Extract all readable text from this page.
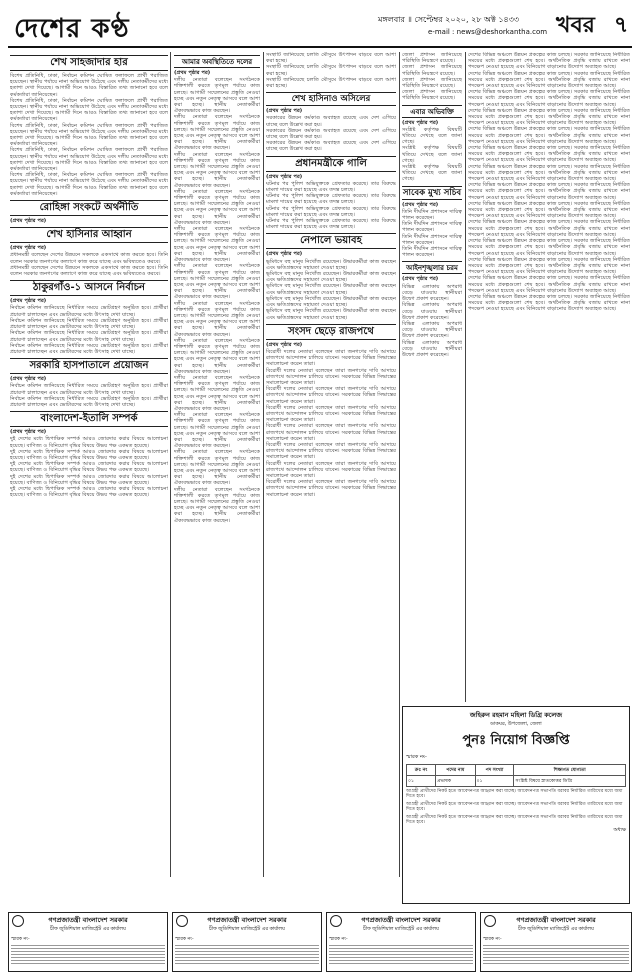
দেশের কণ্ঠ	মঙ্গলবার ॥ সেপ্টেম্বর ২০২০, ২৮ অক্ট ১৪৩৩
e-mail : news@deshorkantha.com খবর ৭
শেখ সাহজাদার হার
বিশেষ প্রতিনিধি, ঢাকা, নির্বাচন কমিশন ঘোষিত ফলাফলে প্রার্থী পরাজিত হয়েছেন। স্থানীয় পর্যায়ে নানা অভিযোগ উঠেছে এবং দলীয় নেতাকর্মীদের মধ্যে হতাশা দেখা দিয়েছে। আগামী দিনে আরও বিস্তারিত তথ্য জানানো হবে বলে কর্মকর্তারা জানিয়েছেন।
বিশেষ প্রতিনিধি, ঢাকা, নির্বাচন কমিশন ঘোষিত ফলাফলে প্রার্থী পরাজিত হয়েছেন। স্থানীয় পর্যায়ে নানা অভিযোগ উঠেছে এবং দলীয় নেতাকর্মীদের মধ্যে হতাশা দেখা দিয়েছে। আগামী দিনে আরও বিস্তারিত তথ্য জানানো হবে বলে কর্মকর্তারা জানিয়েছেন।
বিশেষ প্রতিনিধি, ঢাকা, নির্বাচন কমিশন ঘোষিত ফলাফলে প্রার্থী পরাজিত হয়েছেন। স্থানীয় পর্যায়ে নানা অভিযোগ উঠেছে এবং দলীয় নেতাকর্মীদের মধ্যে হতাশা দেখা দিয়েছে। আগামী দিনে আরও বিস্তারিত তথ্য জানানো হবে বলে কর্মকর্তারা জানিয়েছেন।
বিশেষ প্রতিনিধি, ঢাকা, নির্বাচন কমিশন ঘোষিত ফলাফলে প্রার্থী পরাজিত হয়েছেন। স্থানীয় পর্যায়ে নানা অভিযোগ উঠেছে এবং দলীয় নেতাকর্মীদের মধ্যে হতাশা দেখা দিয়েছে। আগামী দিনে আরও বিস্তারিত তথ্য জানানো হবে বলে কর্মকর্তারা জানিয়েছেন।
বিশেষ প্রতিনিধি, ঢাকা, নির্বাচন কমিশন ঘোষিত ফলাফলে প্রার্থী পরাজিত হয়েছেন। স্থানীয় পর্যায়ে নানা অভিযোগ উঠেছে এবং দলীয় নেতাকর্মীদের মধ্যে হতাশা দেখা দিয়েছে। আগামী দিনে আরও বিস্তারিত তথ্য জানানো হবে বলে কর্মকর্তারা জানিয়েছেন।
রোহিঙ্গা সংকটে অর্থনীতি
(প্রথম পৃষ্ঠার পর)
শেখ হাসিনার আহ্বান
(প্রথম পৃষ্ঠার পর)
প্রধানমন্ত্রী বলেছেন দেশের উন্নয়নে সকলকে একসাথে কাজ করতে হবে। তিনি বলেন সরকার জনগণের কল্যাণে কাজ করে যাচ্ছে এবং ভবিষ্যতেও করবে।
প্রধানমন্ত্রী বলেছেন দেশের উন্নয়নে সকলকে একসাথে কাজ করতে হবে। তিনি বলেন সরকার জনগণের কল্যাণে কাজ করে যাচ্ছে এবং ভবিষ্যতেও করবে।
ঠাকুরগাঁও-১ আসনে নির্বাচন
(প্রথম পৃষ্ঠার পর)
নির্বাচন কমিশন জানিয়েছে নির্ধারিত সময়ে ভোটগ্রহণ অনুষ্ঠিত হবে। প্রার্থীরা প্রচারণা চালাচ্ছেন এবং ভোটারদের মধ্যে উৎসাহ দেখা যাচ্ছে।
নির্বাচন কমিশন জানিয়েছে নির্ধারিত সময়ে ভোটগ্রহণ অনুষ্ঠিত হবে। প্রার্থীরা প্রচারণা চালাচ্ছেন এবং ভোটারদের মধ্যে উৎসাহ দেখা যাচ্ছে।
নির্বাচন কমিশন জানিয়েছে নির্ধারিত সময়ে ভোটগ্রহণ অনুষ্ঠিত হবে। প্রার্থীরা প্রচারণা চালাচ্ছেন এবং ভোটারদের মধ্যে উৎসাহ দেখা যাচ্ছে।
নির্বাচন কমিশন জানিয়েছে নির্ধারিত সময়ে ভোটগ্রহণ অনুষ্ঠিত হবে। প্রার্থীরা প্রচারণা চালাচ্ছেন এবং ভোটারদের মধ্যে উৎসাহ দেখা যাচ্ছে।
সরকারি হাসপাতালে প্রয়োজন
(প্রথম পৃষ্ঠার পর)
নির্বাচন কমিশন জানিয়েছে নির্ধারিত সময়ে ভোটগ্রহণ অনুষ্ঠিত হবে। প্রার্থীরা প্রচারণা চালাচ্ছেন এবং ভোটারদের মধ্যে উৎসাহ দেখা যাচ্ছে।
নির্বাচন কমিশন জানিয়েছে নির্ধারিত সময়ে ভোটগ্রহণ অনুষ্ঠিত হবে। প্রার্থীরা প্রচারণা চালাচ্ছেন এবং ভোটারদের মধ্যে উৎসাহ দেখা যাচ্ছে।
বাংলাদেশ-ইতালি সম্পর্ক
(প্রথম পৃষ্ঠার পর)
দুই দেশের মধ্যে দ্বিপাক্ষিক সম্পর্ক আরও জোরদার করার বিষয়ে আলোচনা হয়েছে। বাণিজ্য ও বিনিয়োগ বৃদ্ধির বিষয়ে উভয় পক্ষ একমত হয়েছে।
দুই দেশের মধ্যে দ্বিপাক্ষিক সম্পর্ক আরও জোরদার করার বিষয়ে আলোচনা হয়েছে। বাণিজ্য ও বিনিয়োগ বৃদ্ধির বিষয়ে উভয় পক্ষ একমত হয়েছে।
দুই দেশের মধ্যে দ্বিপাক্ষিক সম্পর্ক আরও জোরদার করার বিষয়ে আলোচনা হয়েছে। বাণিজ্য ও বিনিয়োগ বৃদ্ধির বিষয়ে উভয় পক্ষ একমত হয়েছে।
দুই দেশের মধ্যে দ্বিপাক্ষিক সম্পর্ক আরও জোরদার করার বিষয়ে আলোচনা হয়েছে। বাণিজ্য ও বিনিয়োগ বৃদ্ধির বিষয়ে উভয় পক্ষ একমত হয়েছে।
দুই দেশের মধ্যে দ্বিপাক্ষিক সম্পর্ক আরও জোরদার করার বিষয়ে আলোচনা হয়েছে। বাণিজ্য ও বিনিয়োগ বৃদ্ধির বিষয়ে উভয় পক্ষ একমত হয়েছে।
আমার অবস্থিতিতে দলের
(প্রথম পৃষ্ঠার পর)
দলীয় নেতারা বলেছেন সংগঠনকে শক্তিশালী করতে তৃণমূল পর্যায়ে কাজ চলছে। আগামী সম্মেলনের প্রস্তুতি নেওয়া হচ্ছে এবং নতুন নেতৃত্ব আসবে বলে আশা করা হচ্ছে। স্থানীয় নেতাকর্মীরা ঐক্যবদ্ধভাবে কাজ করছেন।
দলীয় নেতারা বলেছেন সংগঠনকে শক্তিশালী করতে তৃণমূল পর্যায়ে কাজ চলছে। আগামী সম্মেলনের প্রস্তুতি নেওয়া হচ্ছে এবং নতুন নেতৃত্ব আসবে বলে আশা করা হচ্ছে। স্থানীয় নেতাকর্মীরা ঐক্যবদ্ধভাবে কাজ করছেন।
দলীয় নেতারা বলেছেন সংগঠনকে শক্তিশালী করতে তৃণমূল পর্যায়ে কাজ চলছে। আগামী সম্মেলনের প্রস্তুতি নেওয়া হচ্ছে এবং নতুন নেতৃত্ব আসবে বলে আশা করা হচ্ছে। স্থানীয় নেতাকর্মীরা ঐক্যবদ্ধভাবে কাজ করছেন।
দলীয় নেতারা বলেছেন সংগঠনকে শক্তিশালী করতে তৃণমূল পর্যায়ে কাজ চলছে। আগামী সম্মেলনের প্রস্তুতি নেওয়া হচ্ছে এবং নতুন নেতৃত্ব আসবে বলে আশা করা হচ্ছে। স্থানীয় নেতাকর্মীরা ঐক্যবদ্ধভাবে কাজ করছেন।
দলীয় নেতারা বলেছেন সংগঠনকে শক্তিশালী করতে তৃণমূল পর্যায়ে কাজ চলছে। আগামী সম্মেলনের প্রস্তুতি নেওয়া হচ্ছে এবং নতুন নেতৃত্ব আসবে বলে আশা করা হচ্ছে। স্থানীয় নেতাকর্মীরা ঐক্যবদ্ধভাবে কাজ করছেন।
দলীয় নেতারা বলেছেন সংগঠনকে শক্তিশালী করতে তৃণমূল পর্যায়ে কাজ চলছে। আগামী সম্মেলনের প্রস্তুতি নেওয়া হচ্ছে এবং নতুন নেতৃত্ব আসবে বলে আশা করা হচ্ছে। স্থানীয় নেতাকর্মীরা ঐক্যবদ্ধভাবে কাজ করছেন।
দলীয় নেতারা বলেছেন সংগঠনকে শক্তিশালী করতে তৃণমূল পর্যায়ে কাজ চলছে। আগামী সম্মেলনের প্রস্তুতি নেওয়া হচ্ছে এবং নতুন নেতৃত্ব আসবে বলে আশা করা হচ্ছে। স্থানীয় নেতাকর্মীরা ঐক্যবদ্ধভাবে কাজ করছেন।
দলীয় নেতারা বলেছেন সংগঠনকে শক্তিশালী করতে তৃণমূল পর্যায়ে কাজ চলছে। আগামী সম্মেলনের প্রস্তুতি নেওয়া হচ্ছে এবং নতুন নেতৃত্ব আসবে বলে আশা করা হচ্ছে। স্থানীয় নেতাকর্মীরা ঐক্যবদ্ধভাবে কাজ করছেন।
দলীয় নেতারা বলেছেন সংগঠনকে শক্তিশালী করতে তৃণমূল পর্যায়ে কাজ চলছে। আগামী সম্মেলনের প্রস্তুতি নেওয়া হচ্ছে এবং নতুন নেতৃত্ব আসবে বলে আশা করা হচ্ছে। স্থানীয় নেতাকর্মীরা ঐক্যবদ্ধভাবে কাজ করছেন।
দলীয় নেতারা বলেছেন সংগঠনকে শক্তিশালী করতে তৃণমূল পর্যায়ে কাজ চলছে। আগামী সম্মেলনের প্রস্তুতি নেওয়া হচ্ছে এবং নতুন নেতৃত্ব আসবে বলে আশা করা হচ্ছে। স্থানীয় নেতাকর্মীরা ঐক্যবদ্ধভাবে কাজ করছেন।
দলীয় নেতারা বলেছেন সংগঠনকে শক্তিশালী করতে তৃণমূল পর্যায়ে কাজ চলছে। আগামী সম্মেলনের প্রস্তুতি নেওয়া হচ্ছে এবং নতুন নেতৃত্ব আসবে বলে আশা করা হচ্ছে। স্থানীয় নেতাকর্মীরা ঐক্যবদ্ধভাবে কাজ করছেন।
দলীয় নেতারা বলেছেন সংগঠনকে শক্তিশালী করতে তৃণমূল পর্যায়ে কাজ চলছে। আগামী সম্মেলনের প্রস্তুতি নেওয়া হচ্ছে এবং নতুন নেতৃত্ব আসবে বলে আশা করা হচ্ছে। স্থানীয় নেতাকর্মীরা ঐক্যবদ্ধভাবে কাজ করছেন।
সংস্থাটি জানিয়েছে চলতি মৌসুমে উৎপাদন বাড়বে বলে আশা করা হচ্ছে।
সংস্থাটি জানিয়েছে চলতি মৌসুমে উৎপাদন বাড়বে বলে আশা করা হচ্ছে।
সংস্থাটি জানিয়েছে চলতি মৌসুমে উৎপাদন বাড়বে বলে আশা করা হচ্ছে।
শেখ হাসিনাও অসিলের
(প্রথম পৃষ্ঠার পর)
সরকারের উন্নয়ন কর্মকাণ্ড অব্যাহত রয়েছে এবং দেশ এগিয়ে যাচ্ছে বলে উল্লেখ করা হয়।
সরকারের উন্নয়ন কর্মকাণ্ড অব্যাহত রয়েছে এবং দেশ এগিয়ে যাচ্ছে বলে উল্লেখ করা হয়।
সরকারের উন্নয়ন কর্মকাণ্ড অব্যাহত রয়েছে এবং দেশ এগিয়ে যাচ্ছে বলে উল্লেখ করা হয়।
প্রধানমন্ত্রীকে গালি
(প্রথম পৃষ্ঠার পর)
ঘটনার পর পুলিশ অভিযুক্তকে গ্রেফতার করেছে। তার বিরুদ্ধে মামলা দায়ের করা হয়েছে এবং তদন্ত চলছে।
ঘটনার পর পুলিশ অভিযুক্তকে গ্রেফতার করেছে। তার বিরুদ্ধে মামলা দায়ের করা হয়েছে এবং তদন্ত চলছে।
ঘটনার পর পুলিশ অভিযুক্তকে গ্রেফতার করেছে। তার বিরুদ্ধে মামলা দায়ের করা হয়েছে এবং তদন্ত চলছে।
ঘটনার পর পুলিশ অভিযুক্তকে গ্রেফতার করেছে। তার বিরুদ্ধে মামলা দায়ের করা হয়েছে এবং তদন্ত চলছে।
নেপালে ভয়াবহ
(প্রথম পৃষ্ঠার পর)
ভূমিধসে বহু মানুষ নিখোঁজ রয়েছেন। উদ্ধারকর্মীরা কাজ করছেন এবং ক্ষতিগ্রস্তদের সহায়তা দেওয়া হচ্ছে।
ভূমিধসে বহু মানুষ নিখোঁজ রয়েছেন। উদ্ধারকর্মীরা কাজ করছেন এবং ক্ষতিগ্রস্তদের সহায়তা দেওয়া হচ্ছে।
ভূমিধসে বহু মানুষ নিখোঁজ রয়েছেন। উদ্ধারকর্মীরা কাজ করছেন এবং ক্ষতিগ্রস্তদের সহায়তা দেওয়া হচ্ছে।
ভূমিধসে বহু মানুষ নিখোঁজ রয়েছেন। উদ্ধারকর্মীরা কাজ করছেন এবং ক্ষতিগ্রস্তদের সহায়তা দেওয়া হচ্ছে।
ভূমিধসে বহু মানুষ নিখোঁজ রয়েছেন। উদ্ধারকর্মীরা কাজ করছেন এবং ক্ষতিগ্রস্তদের সহায়তা দেওয়া হচ্ছে।
সংসদ ছেড়ে রাজপথে
(প্রথম পৃষ্ঠার পর)
বিরোধী দলের নেতারা বলেছেন তারা জনগণের দাবি আদায়ে রাজপথে আন্দোলন চালিয়ে যাবেন। সরকারের বিভিন্ন সিদ্ধান্তের সমালোচনা করেন তারা।
বিরোধী দলের নেতারা বলেছেন তারা জনগণের দাবি আদায়ে রাজপথে আন্দোলন চালিয়ে যাবেন। সরকারের বিভিন্ন সিদ্ধান্তের সমালোচনা করেন তারা।
বিরোধী দলের নেতারা বলেছেন তারা জনগণের দাবি আদায়ে রাজপথে আন্দোলন চালিয়ে যাবেন। সরকারের বিভিন্ন সিদ্ধান্তের সমালোচনা করেন তারা।
বিরোধী দলের নেতারা বলেছেন তারা জনগণের দাবি আদায়ে রাজপথে আন্দোলন চালিয়ে যাবেন। সরকারের বিভিন্ন সিদ্ধান্তের সমালোচনা করেন তারা।
বিরোধী দলের নেতারা বলেছেন তারা জনগণের দাবি আদায়ে রাজপথে আন্দোলন চালিয়ে যাবেন। সরকারের বিভিন্ন সিদ্ধান্তের সমালোচনা করেন তারা।
বিরোধী দলের নেতারা বলেছেন তারা জনগণের দাবি আদায়ে রাজপথে আন্দোলন চালিয়ে যাবেন। সরকারের বিভিন্ন সিদ্ধান্তের সমালোচনা করেন তারা।
বিরোধী দলের নেতারা বলেছেন তারা জনগণের দাবি আদায়ে রাজপথে আন্দোলন চালিয়ে যাবেন। সরকারের বিভিন্ন সিদ্ধান্তের সমালোচনা করেন তারা।
বিরোধী দলের নেতারা বলেছেন তারা জনগণের দাবি আদায়ে রাজপথে আন্দোলন চালিয়ে যাবেন। সরকারের বিভিন্ন সিদ্ধান্তের সমালোচনা করেন তারা।
জেলা প্রশাসন জানিয়েছে পরিস্থিতি নিয়ন্ত্রণে রয়েছে।
জেলা প্রশাসন জানিয়েছে পরিস্থিতি নিয়ন্ত্রণে রয়েছে।
জেলা প্রশাসন জানিয়েছে পরিস্থিতি নিয়ন্ত্রণে রয়েছে।
জেলা প্রশাসন জানিয়েছে পরিস্থিতি নিয়ন্ত্রণে রয়েছে।
এবার অভিবক্তি
(প্রথম পৃষ্ঠার পর)
সংশ্লিষ্ট কর্তৃপক্ষ বিষয়টি খতিয়ে দেখছে বলে জানা গেছে।
সংশ্লিষ্ট কর্তৃপক্ষ বিষয়টি খতিয়ে দেখছে বলে জানা গেছে।
সংশ্লিষ্ট কর্তৃপক্ষ বিষয়টি খতিয়ে দেখছে বলে জানা গেছে।
সাবেক মুখ্য সচিব
(প্রথম পৃষ্ঠার পর)
তিনি দীর্ঘদিন প্রশাসনে দায়িত্ব পালন করেছেন।
তিনি দীর্ঘদিন প্রশাসনে দায়িত্ব পালন করেছেন।
তিনি দীর্ঘদিন প্রশাসনে দায়িত্ব পালন করেছেন।
তিনি দীর্ঘদিন প্রশাসনে দায়িত্ব পালন করেছেন।
আইনশৃঙ্খলার চরম
(প্রথম পৃষ্ঠার পর)
বিভিন্ন এলাকায় অপরাধ বেড়ে যাওয়ায় স্থানীয়রা উদ্বেগ প্রকাশ করেছেন।
বিভিন্ন এলাকায় অপরাধ বেড়ে যাওয়ায় স্থানীয়রা উদ্বেগ প্রকাশ করেছেন।
বিভিন্ন এলাকায় অপরাধ বেড়ে যাওয়ায় স্থানীয়রা উদ্বেগ প্রকাশ করেছেন।
বিভিন্ন এলাকায় অপরাধ বেড়ে যাওয়ায় স্থানীয়রা উদ্বেগ প্রকাশ করেছেন।
দেশের বিভিন্ন অঞ্চলে উন্নয়ন প্রকল্পের কাজ চলছে। সরকার জানিয়েছে নির্ধারিত সময়ের মধ্যে প্রকল্পগুলো শেষ হবে। অর্থনৈতিক প্রবৃদ্ধি বজায় রাখতে নানা পদক্ষেপ নেওয়া হয়েছে এবং বিনিয়োগ বাড়ানোর উদ্যোগ অব্যাহত আছে।
দেশের বিভিন্ন অঞ্চলে উন্নয়ন প্রকল্পের কাজ চলছে। সরকার জানিয়েছে নির্ধারিত সময়ের মধ্যে প্রকল্পগুলো শেষ হবে। অর্থনৈতিক প্রবৃদ্ধি বজায় রাখতে নানা পদক্ষেপ নেওয়া হয়েছে এবং বিনিয়োগ বাড়ানোর উদ্যোগ অব্যাহত আছে।
দেশের বিভিন্ন অঞ্চলে উন্নয়ন প্রকল্পের কাজ চলছে। সরকার জানিয়েছে নির্ধারিত সময়ের মধ্যে প্রকল্পগুলো শেষ হবে। অর্থনৈতিক প্রবৃদ্ধি বজায় রাখতে নানা পদক্ষেপ নেওয়া হয়েছে এবং বিনিয়োগ বাড়ানোর উদ্যোগ অব্যাহত আছে।
দেশের বিভিন্ন অঞ্চলে উন্নয়ন প্রকল্পের কাজ চলছে। সরকার জানিয়েছে নির্ধারিত সময়ের মধ্যে প্রকল্পগুলো শেষ হবে। অর্থনৈতিক প্রবৃদ্ধি বজায় রাখতে নানা পদক্ষেপ নেওয়া হয়েছে এবং বিনিয়োগ বাড়ানোর উদ্যোগ অব্যাহত আছে।
দেশের বিভিন্ন অঞ্চলে উন্নয়ন প্রকল্পের কাজ চলছে। সরকার জানিয়েছে নির্ধারিত সময়ের মধ্যে প্রকল্পগুলো শেষ হবে। অর্থনৈতিক প্রবৃদ্ধি বজায় রাখতে নানা পদক্ষেপ নেওয়া হয়েছে এবং বিনিয়োগ বাড়ানোর উদ্যোগ অব্যাহত আছে।
দেশের বিভিন্ন অঞ্চলে উন্নয়ন প্রকল্পের কাজ চলছে। সরকার জানিয়েছে নির্ধারিত সময়ের মধ্যে প্রকল্পগুলো শেষ হবে। অর্থনৈতিক প্রবৃদ্ধি বজায় রাখতে নানা পদক্ষেপ নেওয়া হয়েছে এবং বিনিয়োগ বাড়ানোর উদ্যোগ অব্যাহত আছে।
দেশের বিভিন্ন অঞ্চলে উন্নয়ন প্রকল্পের কাজ চলছে। সরকার জানিয়েছে নির্ধারিত সময়ের মধ্যে প্রকল্পগুলো শেষ হবে। অর্থনৈতিক প্রবৃদ্ধি বজায় রাখতে নানা পদক্ষেপ নেওয়া হয়েছে এবং বিনিয়োগ বাড়ানোর উদ্যোগ অব্যাহত আছে।
দেশের বিভিন্ন অঞ্চলে উন্নয়ন প্রকল্পের কাজ চলছে। সরকার জানিয়েছে নির্ধারিত সময়ের মধ্যে প্রকল্পগুলো শেষ হবে। অর্থনৈতিক প্রবৃদ্ধি বজায় রাখতে নানা পদক্ষেপ নেওয়া হয়েছে এবং বিনিয়োগ বাড়ানোর উদ্যোগ অব্যাহত আছে।
দেশের বিভিন্ন অঞ্চলে উন্নয়ন প্রকল্পের কাজ চলছে। সরকার জানিয়েছে নির্ধারিত সময়ের মধ্যে প্রকল্পগুলো শেষ হবে। অর্থনৈতিক প্রবৃদ্ধি বজায় রাখতে নানা পদক্ষেপ নেওয়া হয়েছে এবং বিনিয়োগ বাড়ানোর উদ্যোগ অব্যাহত আছে।
দেশের বিভিন্ন অঞ্চলে উন্নয়ন প্রকল্পের কাজ চলছে। সরকার জানিয়েছে নির্ধারিত সময়ের মধ্যে প্রকল্পগুলো শেষ হবে। অর্থনৈতিক প্রবৃদ্ধি বজায় রাখতে নানা পদক্ষেপ নেওয়া হয়েছে এবং বিনিয়োগ বাড়ানোর উদ্যোগ অব্যাহত আছে।
দেশের বিভিন্ন অঞ্চলে উন্নয়ন প্রকল্পের কাজ চলছে। সরকার জানিয়েছে নির্ধারিত সময়ের মধ্যে প্রকল্পগুলো শেষ হবে। অর্থনৈতিক প্রবৃদ্ধি বজায় রাখতে নানা পদক্ষেপ নেওয়া হয়েছে এবং বিনিয়োগ বাড়ানোর উদ্যোগ অব্যাহত আছে।
দেশের বিভিন্ন অঞ্চলে উন্নয়ন প্রকল্পের কাজ চলছে। সরকার জানিয়েছে নির্ধারিত সময়ের মধ্যে প্রকল্পগুলো শেষ হবে। অর্থনৈতিক প্রবৃদ্ধি বজায় রাখতে নানা পদক্ষেপ নেওয়া হয়েছে এবং বিনিয়োগ বাড়ানোর উদ্যোগ অব্যাহত আছে।
দেশের বিভিন্ন অঞ্চলে উন্নয়ন প্রকল্পের কাজ চলছে। সরকার জানিয়েছে নির্ধারিত সময়ের মধ্যে প্রকল্পগুলো শেষ হবে। অর্থনৈতিক প্রবৃদ্ধি বজায় রাখতে নানা পদক্ষেপ নেওয়া হয়েছে এবং বিনিয়োগ বাড়ানোর উদ্যোগ অব্যাহত আছে।
দেশের বিভিন্ন অঞ্চলে উন্নয়ন প্রকল্পের কাজ চলছে। সরকার জানিয়েছে নির্ধারিত সময়ের মধ্যে প্রকল্পগুলো শেষ হবে। অর্থনৈতিক প্রবৃদ্ধি বজায় রাখতে নানা পদক্ষেপ নেওয়া হয়েছে এবং বিনিয়োগ বাড়ানোর উদ্যোগ অব্যাহত আছে।
জহিরুন রহমান মহিলা ডিগ্রি কলেজ
ডাকঘর, উপজেলা, জেলা
পুনঃ নিয়োগ বিজ্ঞপ্তি
স্মারক নং-
ক্রঃ নং	পদের নাম	পদ সংখ্যা	শিক্ষাগত যোগ্যতা
০১	প্রভাষক	০১	সংশ্লিষ্ট বিষয়ে স্নাতকোত্তর ডিগ্রি
আগ্রহী প্রার্থীদের নিকট হতে আবেদনপত্র আহ্বান করা যাচ্ছে। আবেদনপত্র সভাপতি বরাবর নির্ধারিত তারিখের মধ্যে জমা দিতে হবে।
আগ্রহী প্রার্থীদের নিকট হতে আবেদনপত্র আহ্বান করা যাচ্ছে। আবেদনপত্র সভাপতি বরাবর নির্ধারিত তারিখের মধ্যে জমা দিতে হবে।
আগ্রহী প্রার্থীদের নিকট হতে আবেদনপত্র আহ্বান করা যাচ্ছে। আবেদনপত্র সভাপতি বরাবর নির্ধারিত তারিখের মধ্যে জমা দিতে হবে।
অধ্যক্ষ
গণপ্রজাতন্ত্রী বাংলাদেশ সরকার
চীফ জুডিশিয়াল ম্যাজিস্ট্রেট এর কার্যালয়
স্মারক নং-
গণপ্রজাতন্ত্রী বাংলাদেশ সরকার
চীফ জুডিশিয়াল ম্যাজিস্ট্রেট এর কার্যালয়
স্মারক নং-
গণপ্রজাতন্ত্রী বাংলাদেশ সরকার
চীফ জুডিশিয়াল ম্যাজিস্ট্রেট এর কার্যালয়
স্মারক নং-
গণপ্রজাতন্ত্রী বাংলাদেশ সরকার
চীফ জুডিশিয়াল ম্যাজিস্ট্রেট এর কার্যালয়
স্মারক নং-
